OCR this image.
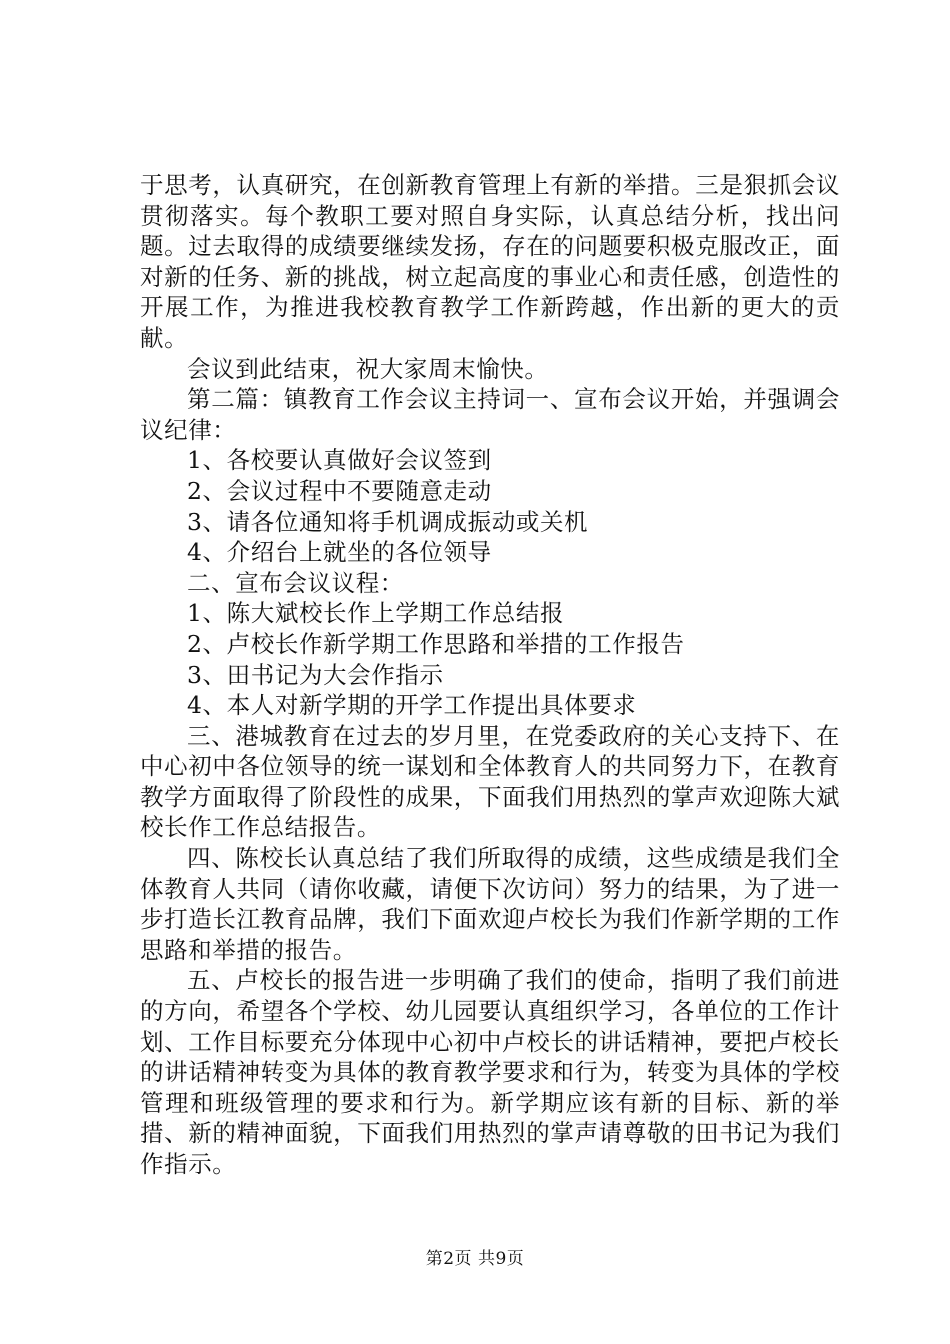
于思考，认真研究，在创新教育管理上有新的举措。三是狠抓会议贯彻落实。每个教职工要对照自身实际，认真总结分析，找出问题。过去取得的成绩要继续发扬，存在的问题要积极克服改正，面对新的任务、新的挑战，树立起高度的事业心和责任感，创造性的开展工作，为推进我校教育教学工作新跨越，作出新的更大的贡献。

会议到此结束，祝大家周末愉快。

第二篇：镇教育工作会议主持词一、宣布会议开始，并强调会议纪律：

1、各校要认真做好会议签到

2、会议过程中不要随意走动

3、请各位通知将手机调成振动或关机

4、介绍台上就坐的各位领导

二、宣布会议议程：

1、陈大斌校长作上学期工作总结报

2、卢校长作新学期工作思路和举措的工作报告

3、田书记为大会作指示

4、本人对新学期的开学工作提出具体要求

三、港城教育在过去的岁月里，在党委政府的关心支持下、在中心初中各位领导的统一谋划和全体教育人的共同努力下，在教育教学方面取得了阶段性的成果，下面我们用热烈的掌声欢迎陈大斌校长作工作总结报告。

四、陈校长认真总结了我们所取得的成绩，这些成绩是我们全体教育人共同（请你收藏，请便下次访问）努力的结果，为了进一步打造长江教育品牌，我们下面欢迎卢校长为我们作新学期的工作思路和举措的报告。

五、卢校长的报告进一步明确了我们的使命，指明了我们前进的方向，希望各个学校、幼儿园要认真组织学习，各单位的工作计划、工作目标要充分体现中心初中卢校长的讲话精神，要把卢校长的讲话精神转变为具体的教育教学要求和行为，转变为具体的学校管理和班级管理的要求和行为。新学期应该有新的目标、新的举措、新的精神面貌，下面我们用热烈的掌声请尊敬的田书记为我们作指示。

第2页 共9页
